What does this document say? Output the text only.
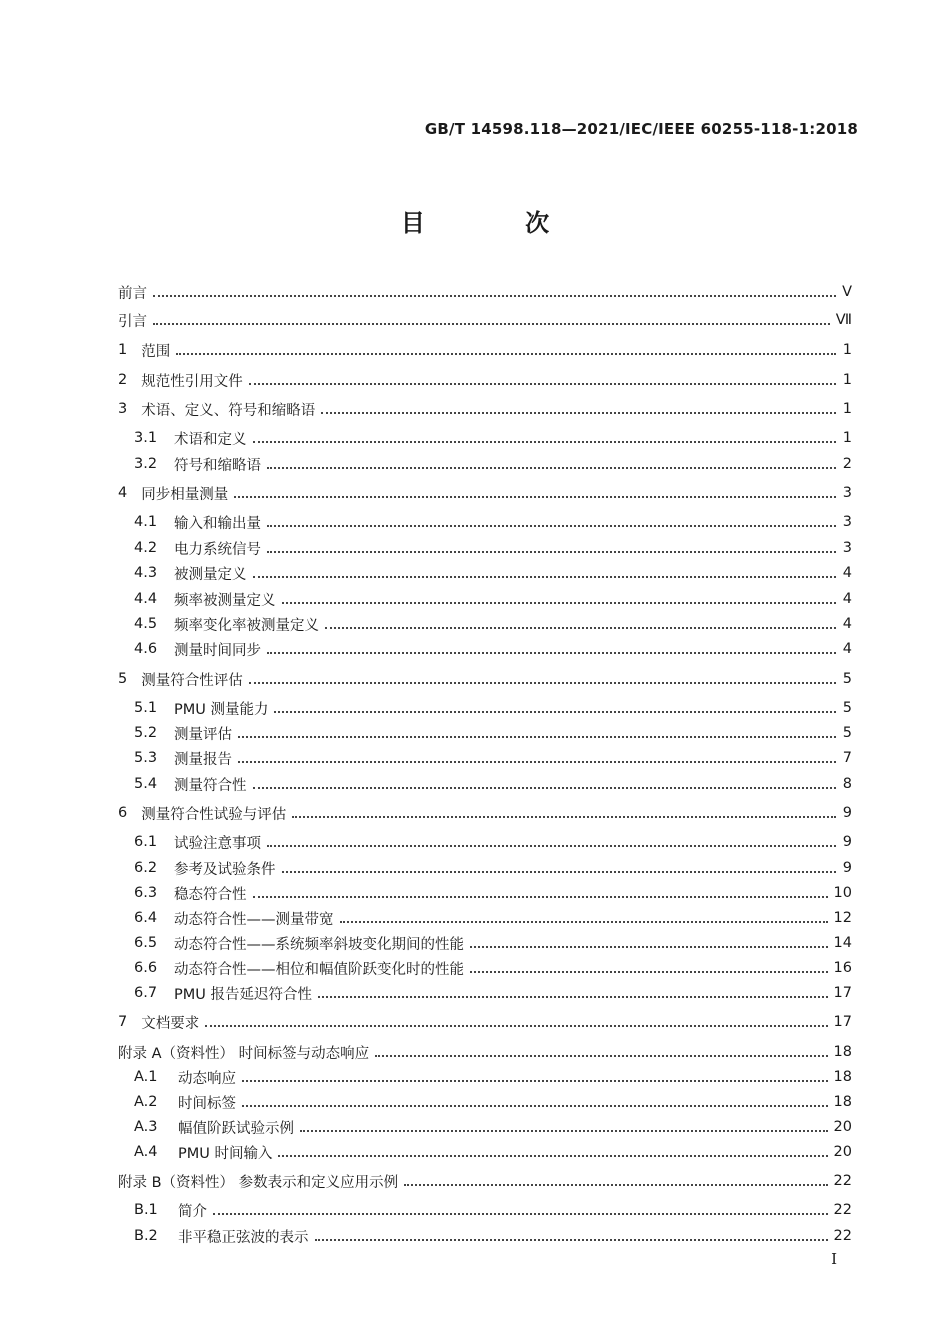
GB/T 14598.118—2021/IEC/IEEE 60255-118-1:2018
目 次
前言	V
引言	Ⅶ
1 范围	1
2 规范性引用文件	1
3 术语、定义、符号和缩略语	1
3.1 术语和定义	1
3.2 符号和缩略语	2
4 同步相量测量	3
4.1 输入和输出量	3
4.2 电力系统信号	3
4.3 被测量定义	4
4.4 频率被测量定义	4
4.5 频率变化率被测量定义	4
4.6 测量时间同步	4
5 测量符合性评估	5
5.1 PMU 测量能力	5
5.2 测量评估	5
5.3 测量报告	7
5.4 测量符合性	8
6 测量符合性试验与评估	9
6.1 试验注意事项	9
6.2 参考及试验条件	9
6.3 稳态符合性	10
6.4 动态符合性——测量带宽	12
6.5 动态符合性——系统频率斜坡变化期间的性能	14
6.6 动态符合性——相位和幅值阶跃变化时的性能	16
6.7 PMU 报告延迟符合性	17
7 文档要求	17
附录 A（资料性） 时间标签与动态响应	18
A.1	动态响应	18
A.2	时间标签	18
A.3	幅值阶跃试验示例	20
A.4	PMU 时间输入	20
附录 B（资料性） 参数表示和定义应用示例	22
B.1	简介	22
B.2	非平稳正弦波的表示	22
I
